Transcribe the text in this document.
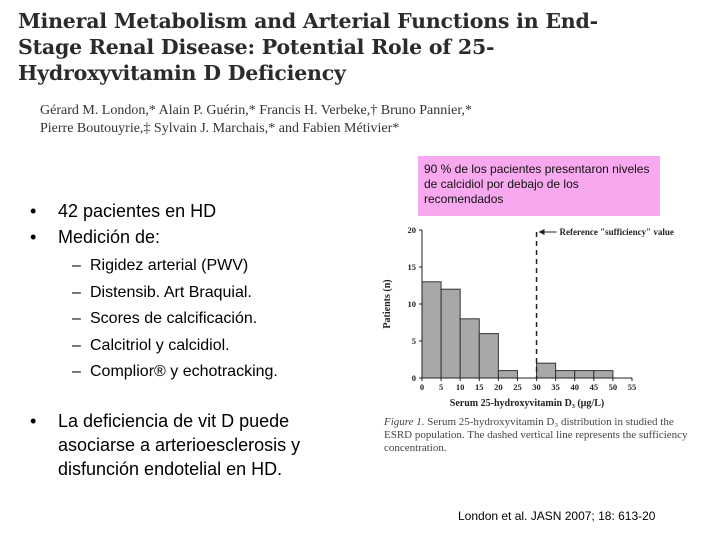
Mineral Metabolism and Arterial Functions in End-Stage Renal Disease: Potential Role of 25-Hydroxyvitamin D Deficiency
Gérard M. London,* Alain P. Guérin,* Francis H. Verbeke,† Bruno Pannier,*
Pierre Boutouyrie,‡ Sylvain J. Marchais,* and Fabien Métivier*
• 42 pacientes en HD
• Medición de:
– Rigidez arterial (PWV)
– Distensib. Art Braquial.
– Scores de calcificación.
– Calcitriol y calcidiol.
– Complior® y echotracking.
• La deficiencia de vit D puede asociarse a arterioesclerosis y disfunción endotelial en HD.
90 % de los pacientes presentaron niveles de calcidiol por debajo de los recomendados
0 5 10 15 20 25 30 35 40 45 50 55
0
5
10
15
20	Reference "sufficiency" value
Patients (n)
Serum 25-hydroxyvitamin D₃ (µg/L)
Figure 1. Serum 25-hydroxyvitamin D₃ distribution in studied the ESRD population. The dashed vertical line represents the sufficiency concentration.
London et al. JASN 2007; 18: 613-20
